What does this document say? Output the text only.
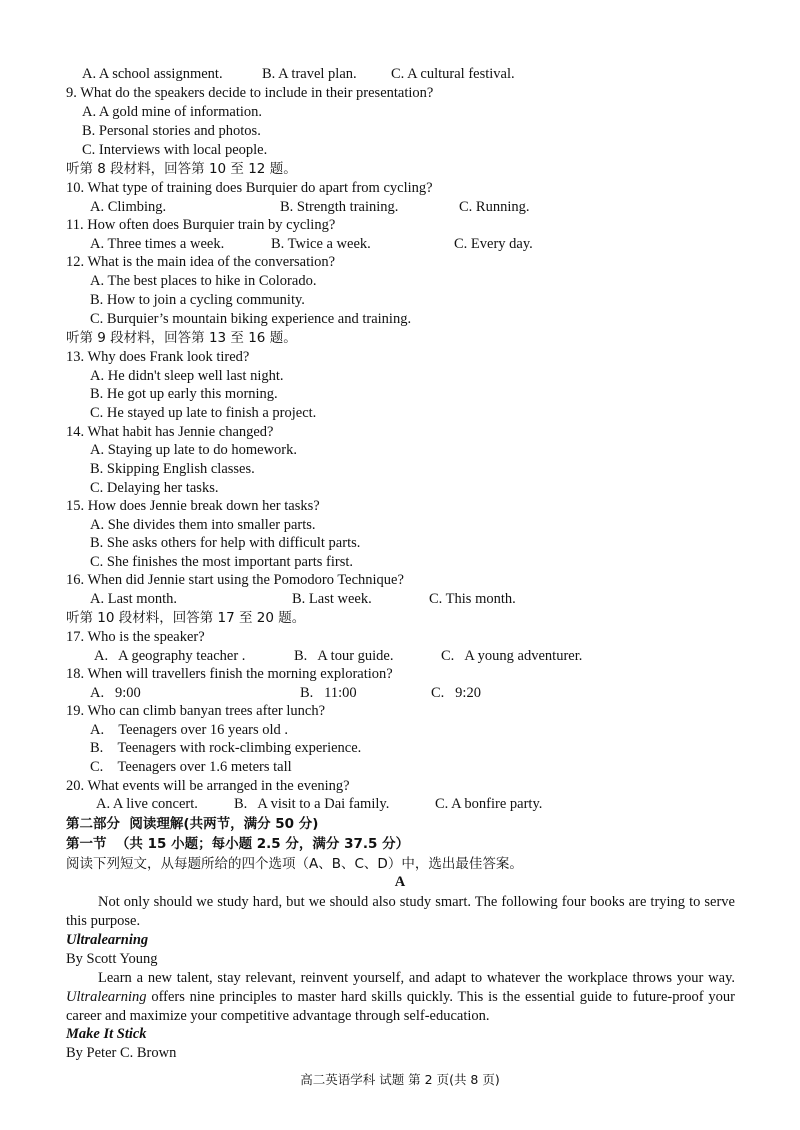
A. A school assignment.	B. A travel plan. C. A cultural festival.
9. What do the speakers decide to include in their presentation?
A. A gold mine of information.
B. Personal stories and photos.
C. Interviews with local people.
听第 8 段材料，回答第 10 至 12 题。
10. What type of training does Burquier do apart from cycling?
A. Climbing.	B. Strength training.	C. Running.
11. How often does Burquier train by cycling?
A. Three times a week.	B. Twice a week.	C. Every day.
12. What is the main idea of the conversation?
A. The best places to hike in Colorado.
B. How to join a cycling community.
C. Burquier’s mountain biking experience and training.
听第 9 段材料，回答第 13 至 16 题。
13. Why does Frank look tired?
A. He didn't sleep well last night.
B. He got up early this morning.
C. He stayed up late to finish a project.
14. What habit has Jennie changed?
A. Staying up late to do homework.
B. Skipping English classes.
C. Delaying her tasks.
15. How does Jennie break down her tasks?
A. She divides them into smaller parts.
B. She asks others for help with difficult parts.
C. She finishes the most important parts first.
16. When did Jennie start using the Pomodoro Technique?
A. Last month.	B. Last week.	C. This month.
听第 10 段材料，回答第 17 至 20 题。
17. Who is the speaker?
A.   A geography teacher .	B.   A tour guide.	C.   A young adventurer.
18. When will travellers finish the morning exploration?
A.   9:00	B.   11:00	C.   9:20
19. Who can climb banyan trees after lunch?
A.    Teenagers over 16 years old .
B.    Teenagers with rock-climbing experience.
C.    Teenagers over 1.6 meters tall
20. What events will be arranged in the evening?
A. A live concert. B.   A visit to a Dai family.	C. A bonfire party.
第二部分  阅读理解(共两节，满分 50 分)
第一节  （共 15 小题；每小题 2.5 分，满分 37.5 分）
阅读下列短文，从每题所给的四个选项（A、B、C、D）中，选出最佳答案。
A
Not only should we study hard, but we should also study smart. The following four books are trying to serve this purpose.
Ultralearning
By Scott Young
Learn a new talent, stay relevant, reinvent yourself, and adapt to whatever the workplace throws your way. Ultralearning offers nine principles to master hard skills quickly. This is the essential guide to future-proof your career and maximize your competitive advantage through self-education.
Make It Stick
By Peter C. Brown
高二英语学科 试题 第 2 页(共 8 页)
